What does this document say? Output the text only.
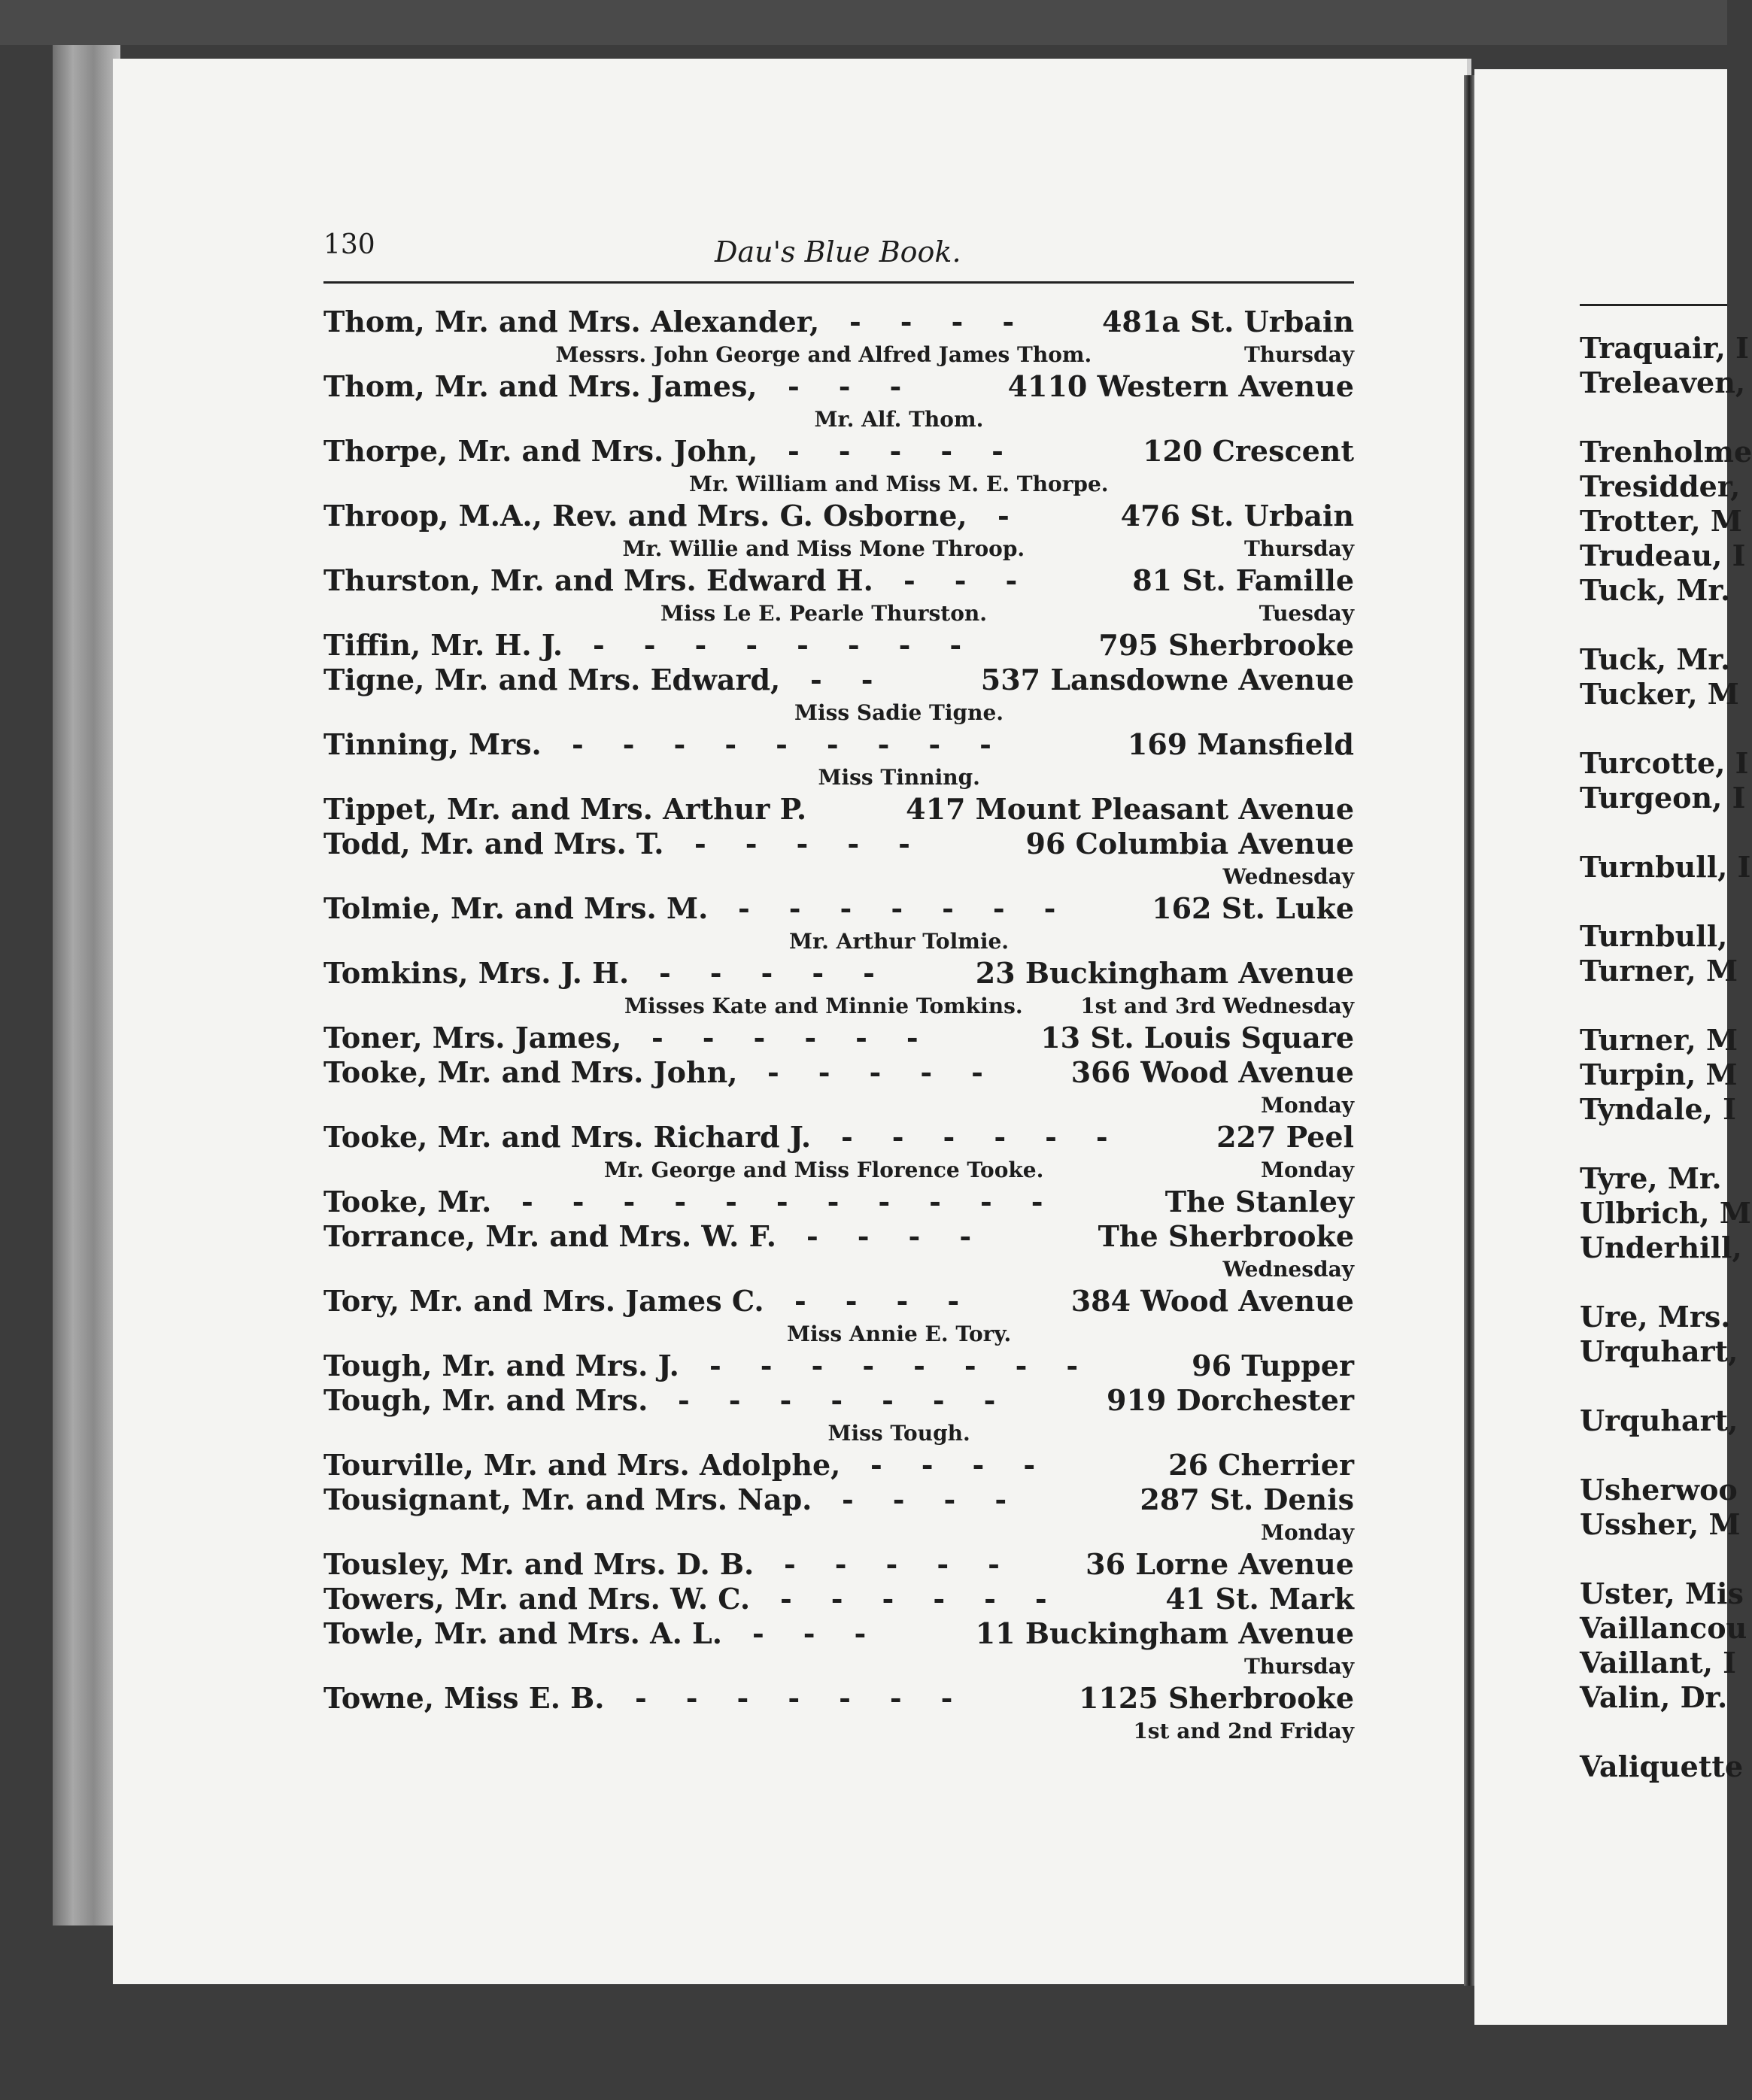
130	Dau's Blue Book.
Thom, Mr. and Mrs. Alexander,	481a St. Urbain
----
Messrs. John George and Alfred James Thom.	Thursday
Thom, Mr. and Mrs. James,	4110 Western Avenue
---
Mr. Alf. Thom.
Thorpe, Mr. and Mrs. John,	120 Crescent
-----
Mr. William and Miss M. E. Thorpe.
Throop, M.A., Rev. and Mrs. G. Osborne,	476 St. Urbain
-
Mr. Willie and Miss Mone Throop.	Thursday
Thurston, Mr. and Mrs. Edward H.	81 St. Famille
---
Miss Le E. Pearle Thurston.	Tuesday
Tiffin, Mr. H. J.	795 Sherbrooke
--------
Tigne, Mr. and Mrs. Edward,	537 Lansdowne Avenue
--
Miss Sadie Tigne.
Tinning, Mrs.	169 Mansfield
---------
Miss Tinning.
Tippet, Mr. and Mrs. Arthur P.	417 Mount Pleasant Avenue
Todd, Mr. and Mrs. T.	96 Columbia Avenue
-----
Wednesday
Tolmie, Mr. and Mrs. M.	162 St. Luke
-------
Mr. Arthur Tolmie.
Tomkins, Mrs. J. H.	23 Buckingham Avenue
-----
Misses Kate and Minnie Tomkins.	1st and 3rd Wednesday
Toner, Mrs. James,	13 St. Louis Square
------
Tooke, Mr. and Mrs. John,	366 Wood Avenue
-----
Monday
Tooke, Mr. and Mrs. Richard J.	227 Peel
------
Mr. George and Miss Florence Tooke.	Monday
Tooke, Mr.	The Stanley
-----------
Torrance, Mr. and Mrs. W. F.	The Sherbrooke
----
Wednesday
Tory, Mr. and Mrs. James C.	384 Wood Avenue
----
Miss Annie E. Tory.
Tough, Mr. and Mrs. J.	96 Tupper
--------
Tough, Mr. and Mrs.	919 Dorchester
-------
Miss Tough.
Tourville, Mr. and Mrs. Adolphe,	26 Cherrier
----
Tousignant, Mr. and Mrs. Nap.	287 St. Denis
----
Monday
Tousley, Mr. and Mrs. D. B.	36 Lorne Avenue
-----
Towers, Mr. and Mrs. W. C.	41 St. Mark
------
Towle, Mr. and Mrs. A. L.	11 Buckingham Avenue
---
Thursday
Towne, Miss E. B.	1125 Sherbrooke
-------
1st and 2nd Friday
Traquair, I
Treleaven,
Trenholme
Tresidder,
Trotter, M
Trudeau, I
Tuck, Mr.
Tuck, Mr.
Tucker, M
Turcotte, I
Turgeon, I
Turnbull, I
Turnbull,
Turner, M
Turner, M
Turpin, M
Tyndale, I
Tyre, Mr.
Ulbrich, M
Underhill,
Ure, Mrs.
Urquhart,
Urquhart,
Usherwoo
Ussher, M
Uster, Mis
Vaillancou
Vaillant, I
Valin, Dr.
Valiquette
